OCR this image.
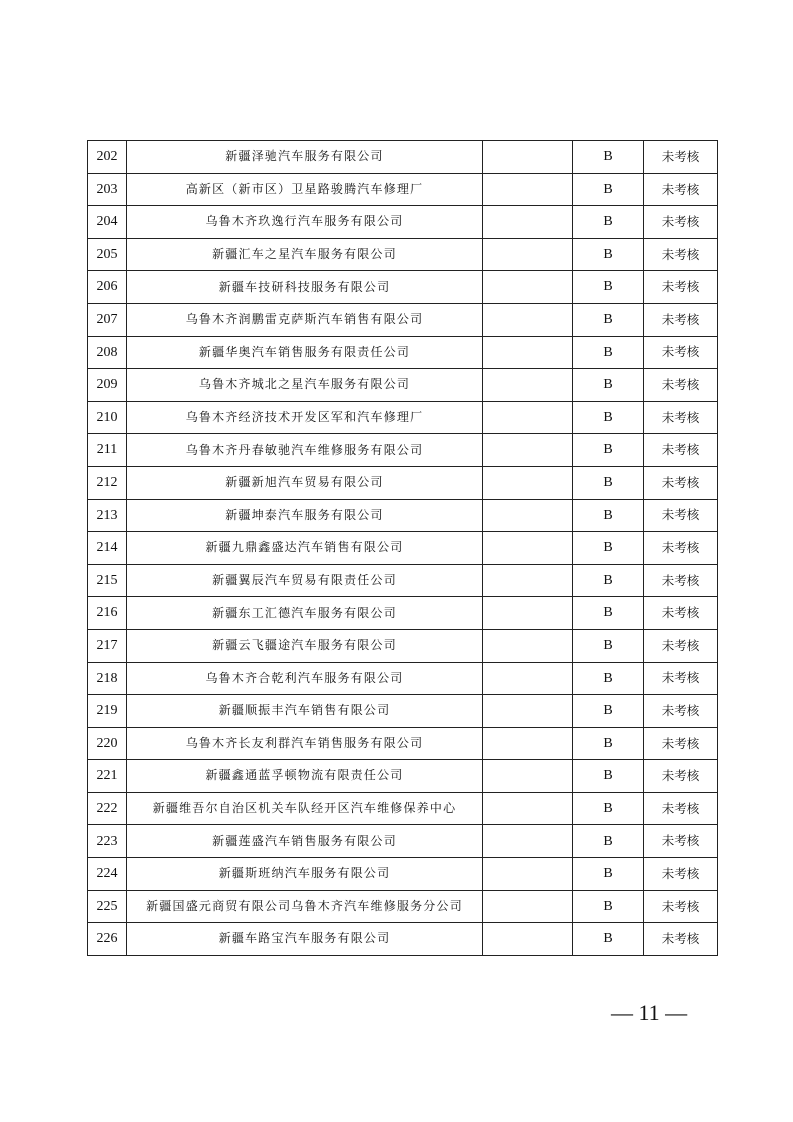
202	新疆泽驰汽车服务有限公司		B	未考核
203	高新区（新市区）卫星路骏腾汽车修理厂		B	未考核
204	乌鲁木齐玖逸行汽车服务有限公司		B	未考核
205	新疆汇车之星汽车服务有限公司		B	未考核
206	新疆车技研科技服务有限公司		B	未考核
207	乌鲁木齐润鹏雷克萨斯汽车销售有限公司		B	未考核
208	新疆华奥汽车销售服务有限责任公司		B	未考核
209	乌鲁木齐城北之星汽车服务有限公司		B	未考核
210	乌鲁木齐经济技术开发区军和汽车修理厂		B	未考核
211	乌鲁木齐丹春敏驰汽车维修服务有限公司		B	未考核
212	新疆新旭汽车贸易有限公司		B	未考核
213	新疆坤泰汽车服务有限公司		B	未考核
214	新疆九鼎鑫盛达汽车销售有限公司		B	未考核
215	新疆翼辰汽车贸易有限责任公司		B	未考核
216	新疆东工汇德汽车服务有限公司		B	未考核
217	新疆云飞疆途汽车服务有限公司		B	未考核
218	乌鲁木齐合乾利汽车服务有限公司		B	未考核
219	新疆顺振丰汽车销售有限公司		B	未考核
220	乌鲁木齐长友利群汽车销售服务有限公司		B	未考核
221	新疆鑫通蓝孚顿物流有限责任公司		B	未考核
222	新疆维吾尔自治区机关车队经开区汽车维修保养中心		B	未考核
223	新疆莲盛汽车销售服务有限公司		B	未考核
224	新疆斯班纳汽车服务有限公司		B	未考核
225	新疆国盛元商贸有限公司乌鲁木齐汽车维修服务分公司		B	未考核
226	新疆车路宝汽车服务有限公司		B	未考核
— 11 —
